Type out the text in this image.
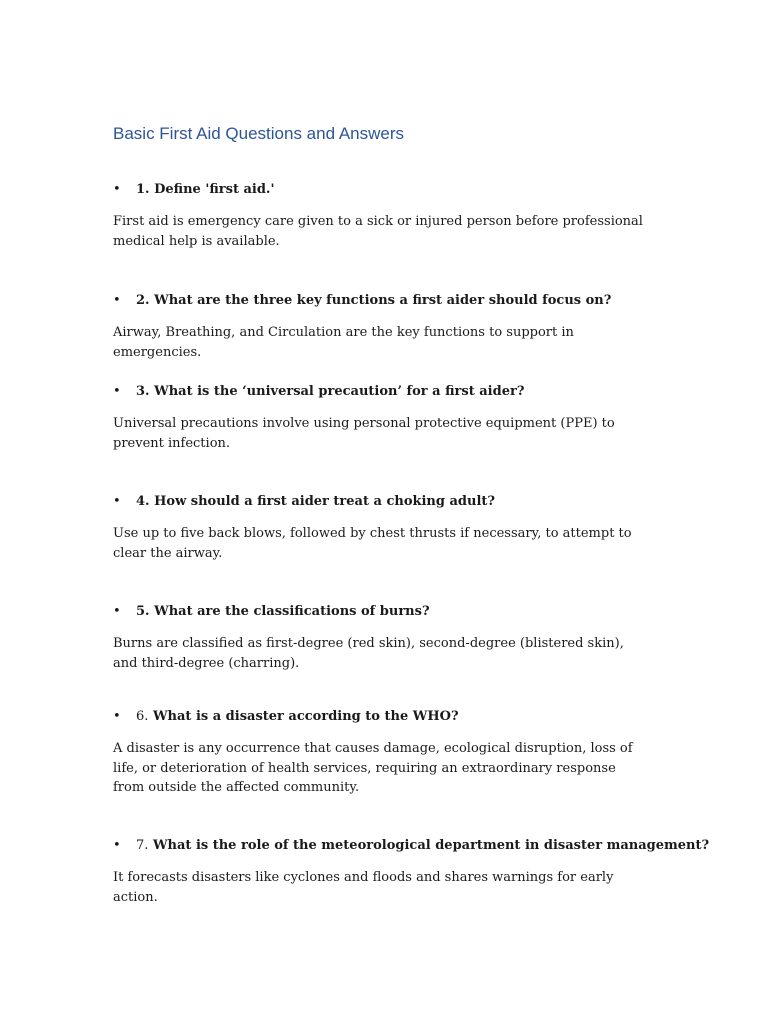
Basic First Aid Questions and Answers
• 1. Define 'first aid.'
First aid is emergency care given to a sick or injured person before professional medical help is available.
• 2. What are the three key functions a first aider should focus on?
Airway, Breathing, and Circulation are the key functions to support in emergencies.
• 3. What is the ‘universal precaution’ for a first aider?
Universal precautions involve using personal protective equipment (PPE) to prevent infection.
• 4. How should a first aider treat a choking adult?
Use up to five back blows, followed by chest thrusts if necessary, to attempt to clear the airway.
• 5. What are the classifications of burns?
Burns are classified as first-degree (red skin), second-degree (blistered skin), and third-degree (charring).
• 6. What is a disaster according to the WHO?
A disaster is any occurrence that causes damage, ecological disruption, loss of life, or deterioration of health services, requiring an extraordinary response from outside the affected community.
• 7. What is the role of the meteorological department in disaster management?
It forecasts disasters like cyclones and floods and shares warnings for early action.
